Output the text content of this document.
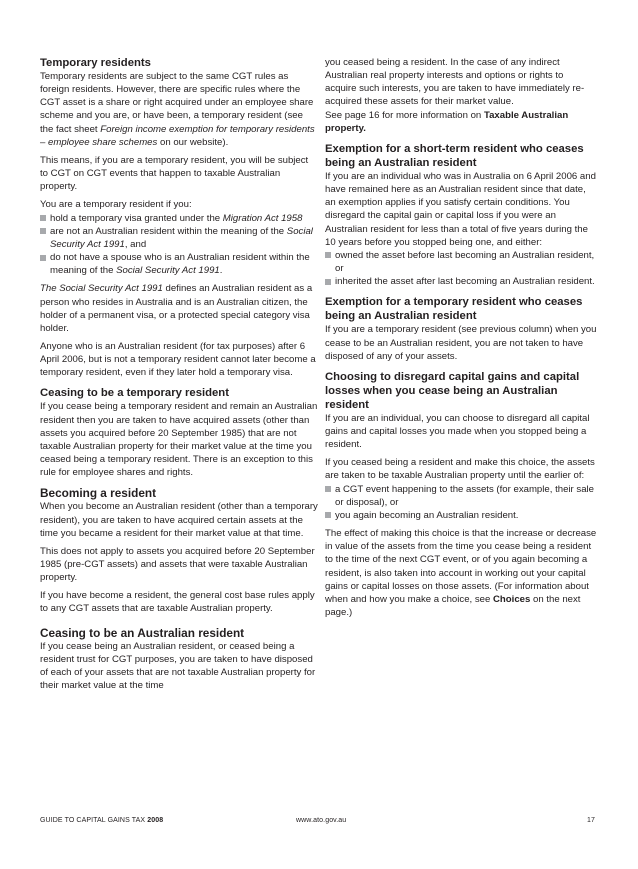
Temporary residents

Temporary residents are subject to the same CGT rules as foreign residents. However, there are specific rules where the CGT asset is a share or right acquired under an employee share scheme and you are, or have been, a temporary resident (see the fact sheet Foreign income exemption for temporary residents – employee share schemes on our website).

This means, if you are a temporary resident, you will be subject to CGT on CGT events that happen to taxable Australian property.

You are a temporary resident if you:

hold a temporary visa granted under the Migration Act 1958
are not an Australian resident within the meaning of the Social Security Act 1991, and
do not have a spouse who is an Australian resident within the meaning of the Social Security Act 1991.

The Social Security Act 1991 defines an Australian resident as a person who resides in Australia and is an Australian citizen, the holder of a permanent visa, or a protected special category visa holder.

Anyone who is an Australian resident (for tax purposes) after 6 April 2006, but is not a temporary resident cannot later become a temporary resident, even if they later hold a temporary visa.

Ceasing to be a temporary resident

If you cease being a temporary resident and remain an Australian resident then you are taken to have acquired assets (other than assets you acquired before 20 September 1985) that are not taxable Australian property for their market value at the time you ceased being a temporary resident. There is an exception to this rule for employee shares and rights.

Becoming a resident

When you become an Australian resident (other than a temporary resident), you are taken to have acquired certain assets at the time you became a resident for their market value at that time.

This does not apply to assets you acquired before 20 September 1985 (pre-CGT assets) and assets that were taxable Australian property.

If you have become a resident, the general cost base rules apply to any CGT assets that are taxable Australian property.

Ceasing to be an Australian resident

If you cease being an Australian resident, or ceased being a resident trust for CGT purposes, you are taken to have disposed of each of your assets that are not taxable Australian property for their market value at the time

you ceased being a resident. In the case of any indirect Australian real property interests and options or rights to acquire such interests, you are taken to have immediately re-acquired these assets for their market value.

See page 16 for more information on Taxable Australian property.

Exemption for a short-term resident who ceases being an Australian resident

If you are an individual who was in Australia on 6 April 2006 and have remained here as an Australian resident since that date, an exemption applies if you satisfy certain conditions. You disregard the capital gain or capital loss if you were an Australian resident for less than a total of five years during the 10 years before you stopped being one, and either:

owned the asset before last becoming an Australian resident, or
inherited the asset after last becoming an Australian resident.
Exemption for a temporary resident who ceases being an Australian resident

If you are a temporary resident (see previous column) when you cease to be an Australian resident, you are not taken to have disposed of any of your assets.

Choosing to disregard capital gains and capital losses when you cease being an Australian resident

If you are an individual, you can choose to disregard all capital gains and capital losses you made when you stopped being a resident.

If you ceased being a resident and make this choice, the assets are taken to be taxable Australian property until the earlier of:

a CGT event happening to the assets (for example, their sale or disposal), or
you again becoming an Australian resident.

The effect of making this choice is that the increase or decrease in value of the assets from the time you cease being a resident to the time of the next CGT event, or of you again becoming a resident, is also taken into account in working out your capital gains or capital losses on those assets. (For information about when and how you make a choice, see Choices on the next page.)

GUIDE TO CAPITAL GAINS TAX 2008	www.ato.gov.au	17
